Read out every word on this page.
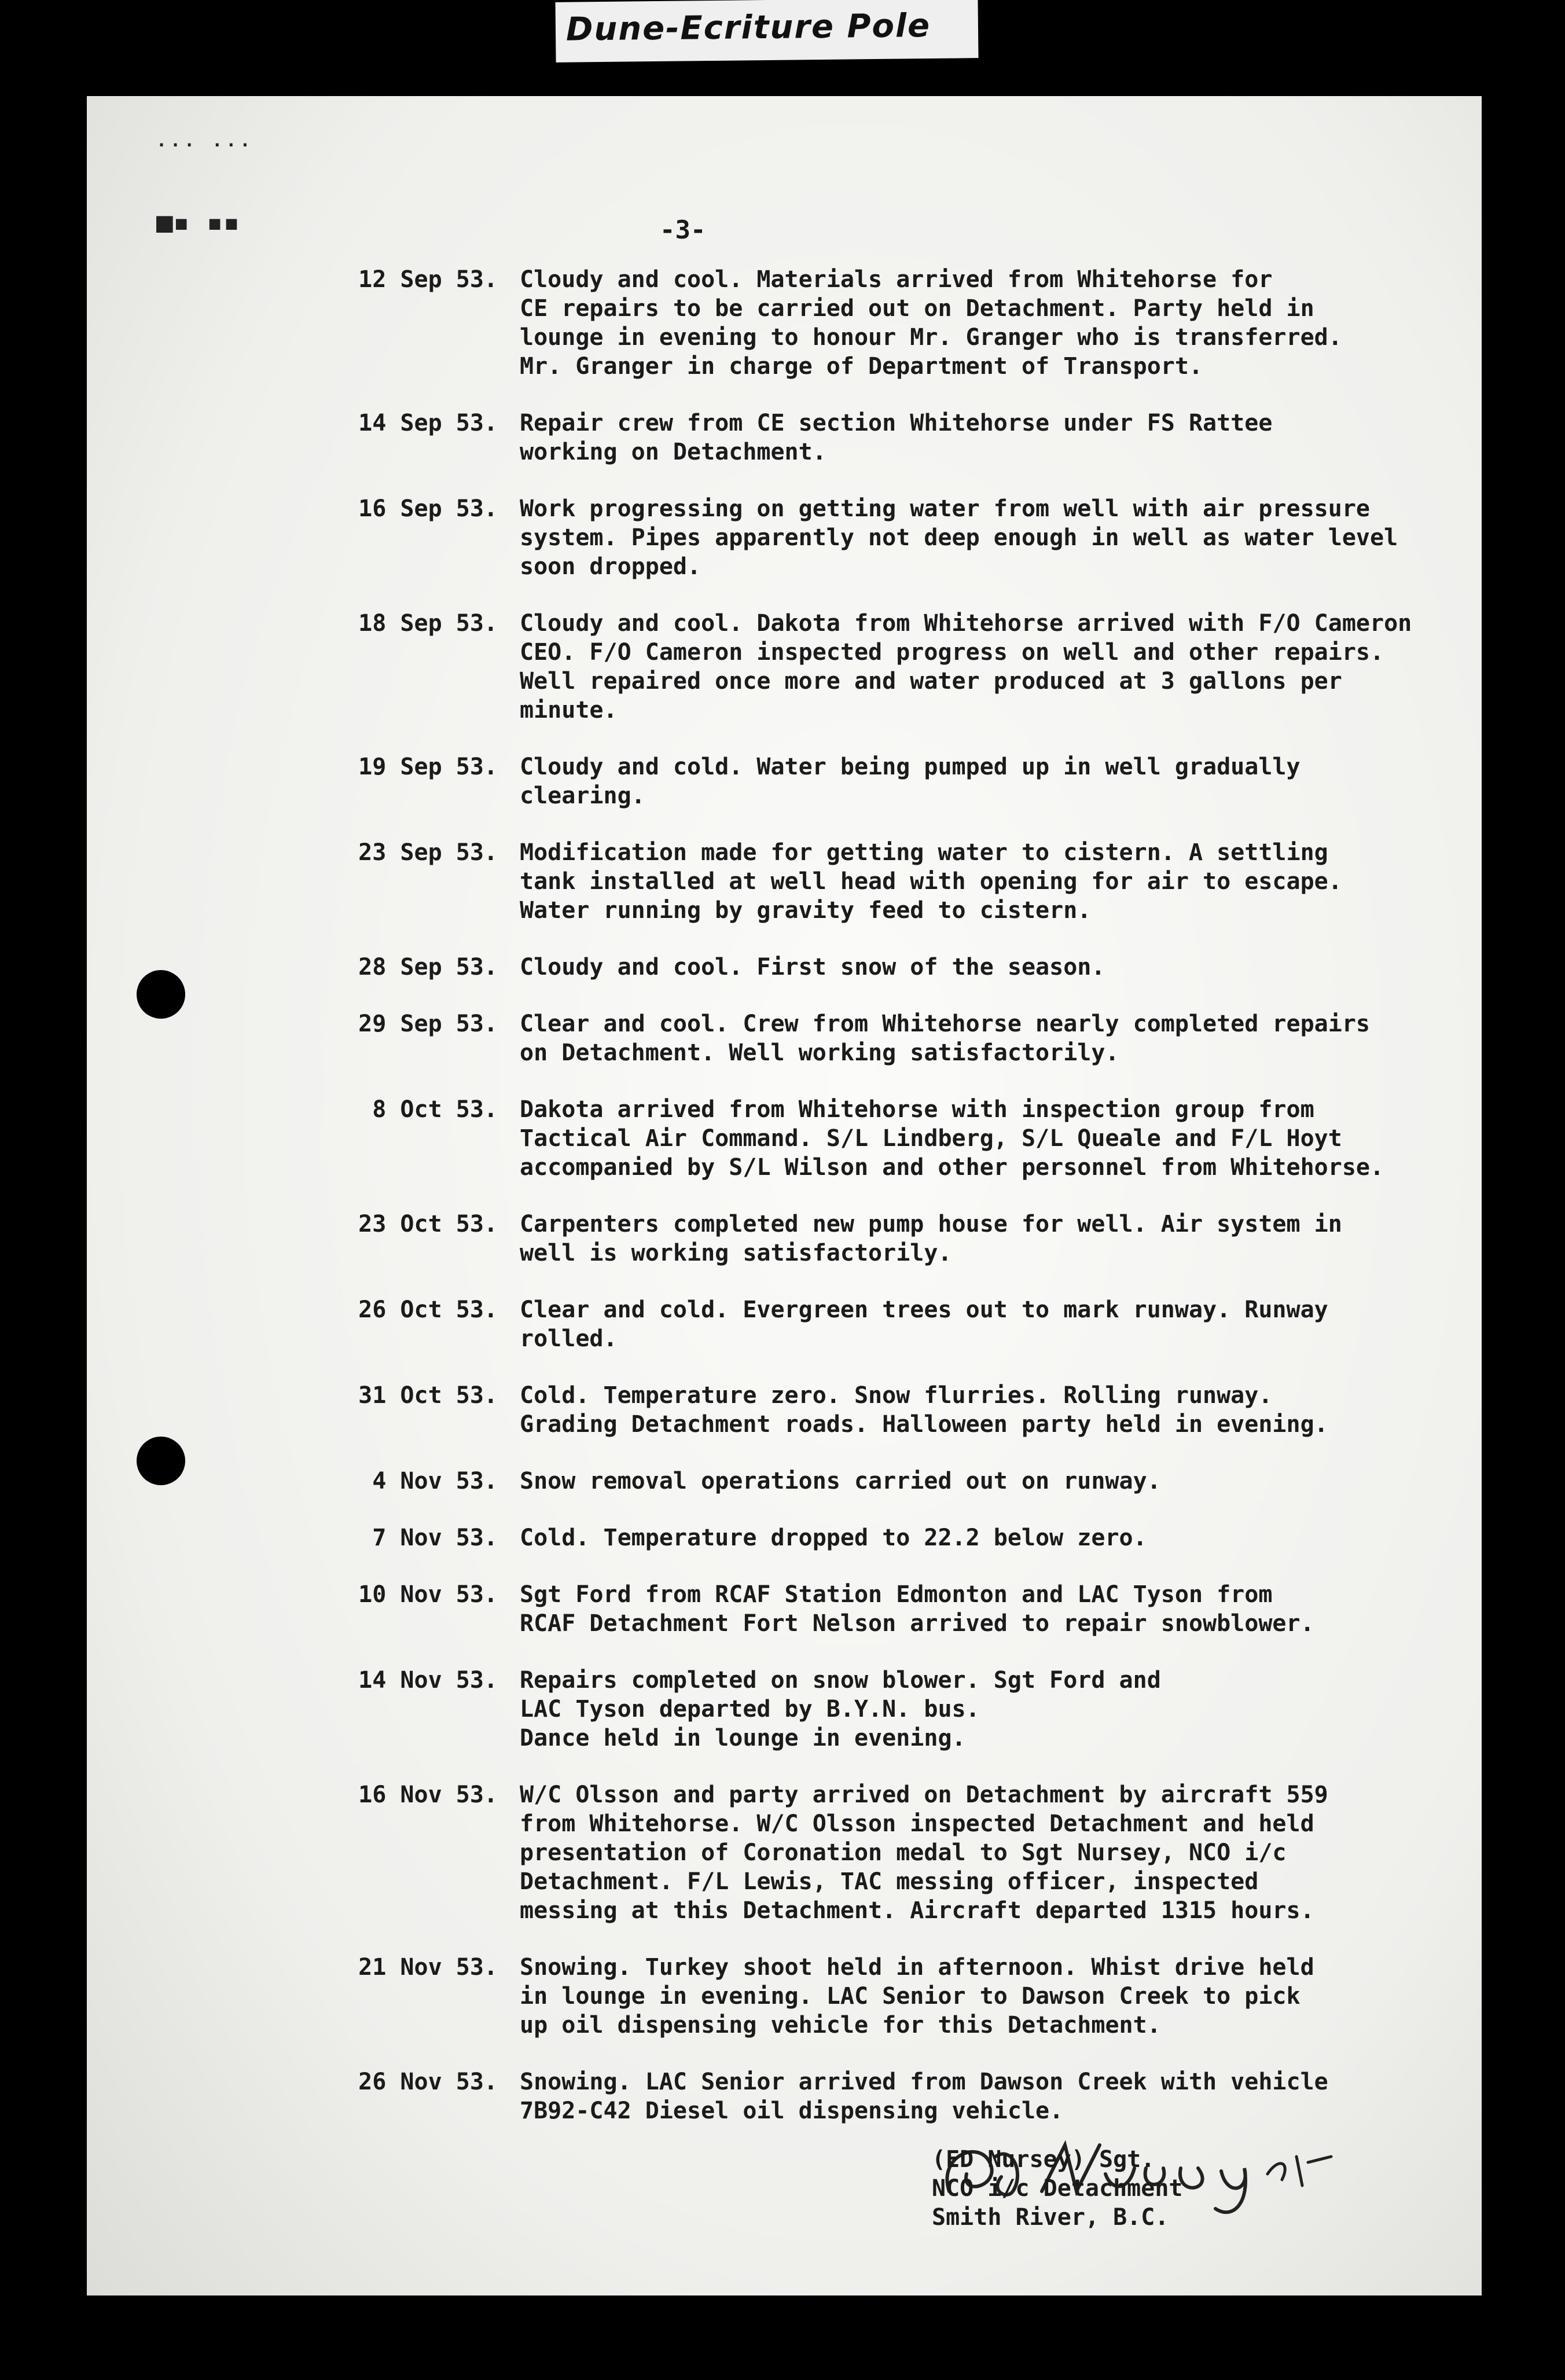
Dune-Ecriture Pole
... ...
■▪ ▪▪	-3-
12 Sep 53. Cloudy and cool. Materials arrived from Whitehorse for
CE repairs to be carried out on Detachment. Party held in
lounge in evening to honour Mr. Granger who is transferred.
Mr. Granger in charge of Department of Transport.
14 Sep 53. Repair crew from CE section Whitehorse under FS Rattee
working on Detachment.
16 Sep 53. Work progressing on getting water from well with air pressure
system. Pipes apparently not deep enough in well as water level
soon dropped.
18 Sep 53. Cloudy and cool. Dakota from Whitehorse arrived with F/O Cameron
CEO. F/O Cameron inspected progress on well and other repairs.
Well repaired once more and water produced at 3 gallons per
minute.
19 Sep 53. Cloudy and cold. Water being pumped up in well gradually
clearing.
23 Sep 53. Modification made for getting water to cistern. A settling
tank installed at well head with opening for air to escape.
Water running by gravity feed to cistern.
28 Sep 53. Cloudy and cool. First snow of the season.
29 Sep 53. Clear and cool. Crew from Whitehorse nearly completed repairs
on Detachment. Well working satisfactorily.
8 Oct 53. Dakota arrived from Whitehorse with inspection group from
Tactical Air Command. S/L Lindberg, S/L Queale and F/L Hoyt
accompanied by S/L Wilson and other personnel from Whitehorse.
23 Oct 53. Carpenters completed new pump house for well. Air system in
well is working satisfactorily.
26 Oct 53. Clear and cold. Evergreen trees out to mark runway. Runway
rolled.
31 Oct 53. Cold. Temperature zero. Snow flurries. Rolling runway.
Grading Detachment roads. Halloween party held in evening.
4 Nov 53. Snow removal operations carried out on runway.
7 Nov 53. Cold. Temperature dropped to 22.2 below zero.
10 Nov 53. Sgt Ford from RCAF Station Edmonton and LAC Tyson from
RCAF Detachment Fort Nelson arrived to repair snowblower.
14 Nov 53. Repairs completed on snow blower. Sgt Ford and
LAC Tyson departed by B.Y.N. bus.
Dance held in lounge in evening.
16 Nov 53. W/C Olsson and party arrived on Detachment by aircraft 559
from Whitehorse. W/C Olsson inspected Detachment and held
presentation of Coronation medal to Sgt Nursey, NCO i/c
Detachment. F/L Lewis, TAC messing officer, inspected
messing at this Detachment. Aircraft departed 1315 hours.
21 Nov 53. Snowing. Turkey shoot held in afternoon. Whist drive held
in lounge in evening. LAC Senior to Dawson Creek to pick
up oil dispensing vehicle for this Detachment.
26 Nov 53. Snowing. LAC Senior arrived from Dawson Creek with vehicle
7B92-C42 Diesel oil dispensing vehicle.
(ED Nursey) Sgt.
NCO i/c Detachment
Smith River, B.C.
